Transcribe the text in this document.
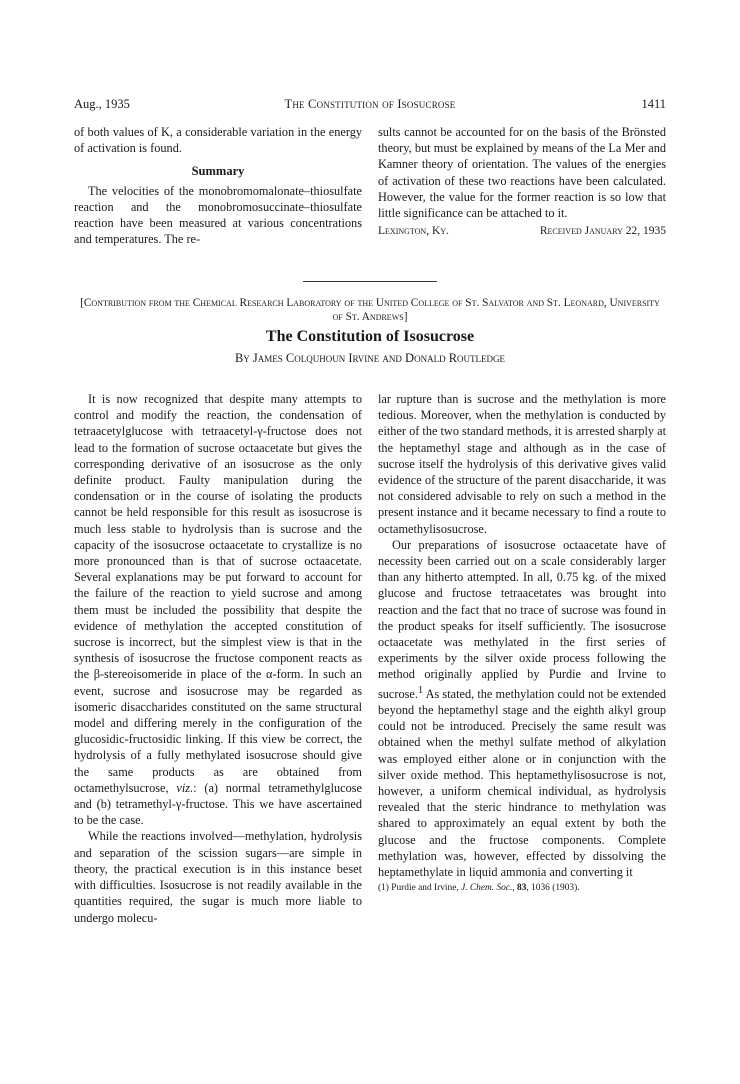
Aug., 1935	The Constitution of Isosucrose	1411

of both values of K, a considerable variation in the energy of activation is found.

Summary

The velocities of the monobromomalonate–thiosulfate reaction and the monobromosuccinate–thiosulfate reaction have been measured at various concentrations and temperatures. The re-

sults cannot be accounted for on the basis of the Brönsted theory, but must be explained by means of the La Mer and Kamner theory of orientation. The values of the energies of activation of these two reactions have been calculated. However, the value for the former reaction is so low that little significance can be attached to it.

Lexington, Ky.	Received January 22, 1935
[Contribution from the Chemical Research Laboratory of the United College of St. Salvator and St. Leonard, University of St. Andrews]
The Constitution of Isosucrose
By James Colquhoun Irvine and Donald Routledge

It is now recognized that despite many attempts to control and modify the reaction, the condensation of tetraacetylglucose with tetraacetyl-γ-fructose does not lead to the formation of sucrose octaacetate but gives the corresponding derivative of an isosucrose as the only definite product. Faulty manipulation during the condensation or in the course of isolating the products cannot be held responsible for this result as isosucrose is much less stable to hydrolysis than is sucrose and the capacity of the isosucrose octaacetate to crystallize is no more pronounced than is that of sucrose octaacetate. Several explanations may be put forward to account for the failure of the reaction to yield sucrose and among them must be included the possibility that despite the evidence of methylation the accepted constitution of sucrose is incorrect, but the simplest view is that in the synthesis of isosucrose the fructose component reacts as the β-stereoisomeride in place of the α-form. In such an event, sucrose and isosucrose may be regarded as isomeric disaccharides constituted on the same structural model and differing merely in the configuration of the glucosidic-fructosidic linking. If this view be correct, the hydrolysis of a fully methylated isosucrose should give the same products as are obtained from octamethylsucrose, viz.: (a) normal tetramethylglucose and (b) tetramethyl-γ-fructose. This we have ascertained to be the case.

While the reactions involved—methylation, hydrolysis and separation of the scission sugars—are simple in theory, the practical execution is in this instance beset with difficulties. Isosucrose is not readily available in the quantities required, the sugar is much more liable to undergo molecu-

lar rupture than is sucrose and the methylation is more tedious. Moreover, when the methylation is conducted by either of the two standard methods, it is arrested sharply at the heptamethyl stage and although as in the case of sucrose itself the hydrolysis of this derivative gives valid evidence of the structure of the parent disaccharide, it was not considered advisable to rely on such a method in the present instance and it became necessary to find a route to octamethylisosucrose.

Our preparations of isosucrose octaacetate have of necessity been carried out on a scale considerably larger than any hitherto attempted. In all, 0.75 kg. of the mixed glucose and fructose tetraacetates was brought into reaction and the fact that no trace of sucrose was found in the product speaks for itself sufficiently. The isosucrose octaacetate was methylated in the first series of experiments by the silver oxide process following the method originally applied by Purdie and Irvine to sucrose.$^1$ As stated, the methylation could not be extended beyond the heptamethyl stage and the eighth alkyl group could not be introduced. Precisely the same result was obtained when the methyl sulfate method of alkylation was employed either alone or in conjunction with the silver oxide method. This heptamethylisosucrose is not, however, a uniform chemical individual, as hydrolysis revealed that the steric hindrance to methylation was shared to approximately an equal extent by both the glucose and the fructose components. Complete methylation was, however, effected by dissolving the heptamethylate in liquid ammonia and converting it

(1) Purdie and Irvine, J. Chem. Soc., 83, 1036 (1903).
